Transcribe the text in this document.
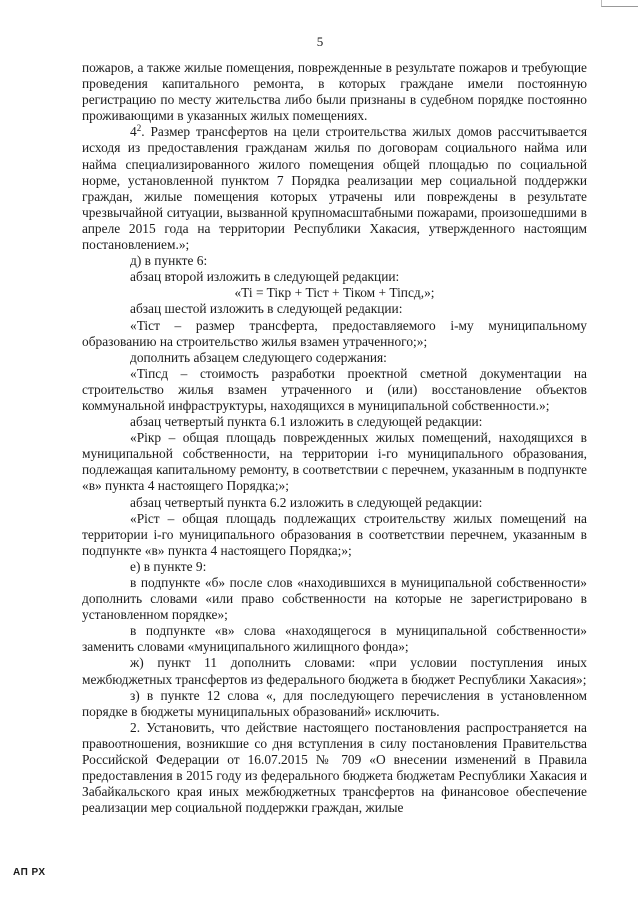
5

пожаров, а также жилые помещения, поврежденные в результате пожаров и требующие проведения капитального ремонта, в которых граждане имели постоянную регистрацию по месту жительства либо были признаны в судебном порядке постоянно проживающими в указанных жилых помещениях.

$4^2$. Размер трансфертов на цели строительства жилых домов рассчитывается исходя из предоставления гражданам жилья по договорам социального найма или найма специализированного жилого помещения общей площадью по социальной норме, установленной пунктом 7 Порядка реализации мер социальной поддержки граждан, жилые помещения которых утрачены или повреждены в результате чрезвычайной ситуации, вызванной крупномасштабными пожарами, произошедшими в апреле 2015 года на территории Республики Хакасия, утвержденного настоящим постановлением.»;

д) в пункте 6:

абзац второй изложить в следующей редакции:

«Ti = Tiкр + Tiст + Tiком + Tiпсд,»;

абзац шестой изложить в следующей редакции:

«Tiст – размер трансферта, предоставляемого i-му муниципальному образованию на строительство жилья взамен утраченного;»;

дополнить абзацем следующего содержания:

«Tiпсд – стоимость разработки проектной сметной документации на строительство жилья взамен утраченного и (или) восстановление объектов коммунальной инфраструктуры, находящихся в муниципальной собственности.»;

абзац четвертый пункта 6.1 изложить в следующей редакции:

«Piкр – общая площадь поврежденных жилых помещений, находящихся в муниципальной собственности, на территории i-го муниципального образования, подлежащая капитальному ремонту, в соответствии с перечнем, указанным в подпункте «в» пункта 4 настоящего Порядка;»;

абзац четвертый пункта 6.2 изложить в следующей редакции:

«Piст – общая площадь подлежащих строительству жилых помещений на территории i-го муниципального образования в соответствии перечнем, указанным в подпункте «в» пункта 4 настоящего Порядка;»;

е) в пункте 9:

в подпункте «б» после слов «находившихся в муниципальной собственности» дополнить словами «или право собственности на которые не зарегистрировано в установленном порядке»;

в подпункте «в» слова «находящегося в муниципальной собственности» заменить словами «муниципального жилищного фонда»;

ж) пункт 11 дополнить словами: «при условии поступления иных межбюджетных трансфертов из федерального бюджета в бюджет Республики Хакасия»;

з) в пункте 12 слова «, для последующего перечисления в установленном порядке в бюджеты муниципальных образований» исключить.

2. Установить, что действие настоящего постановления распространяется на правоотношения, возникшие со дня вступления в силу постановления Правительства Российской Федерации от 16.07.2015 № 709 «О внесении изменений в Правила предоставления в 2015 году из федерального бюджета бюджетам Республики Хакасия и Забайкальского края иных межбюджетных трансфертов на финансовое обеспечение реализации мер социальной поддержки граждан, жилые

АП РХ
